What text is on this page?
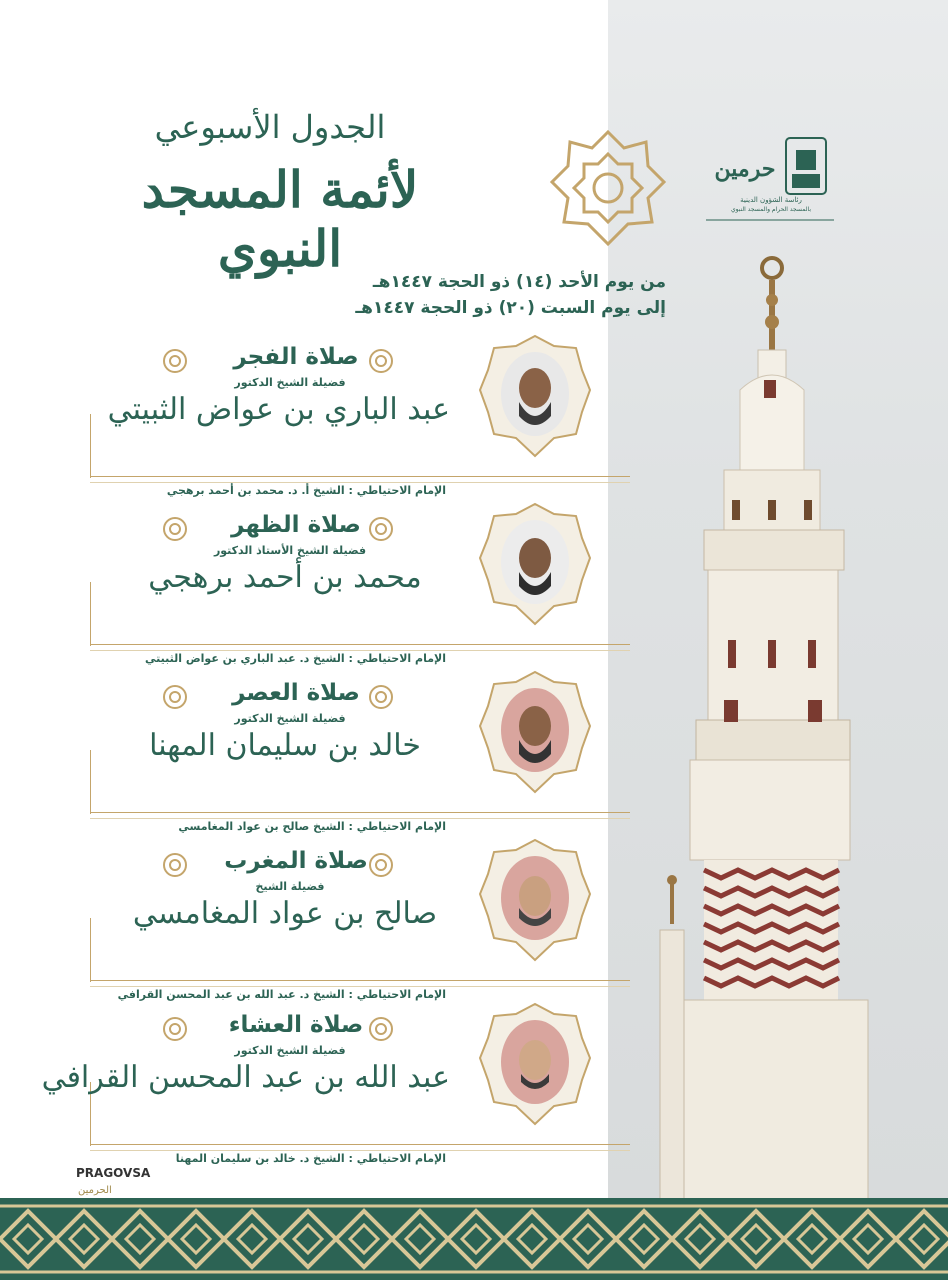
الجدول الأسبوعي
لأئمة المسجد النبوي
من يوم الأحد (١٤) ذو الحجة ١٤٤٧هـ
إلى يوم السبت (٢٠) ذو الحجة ١٤٤٧هـ
حرمين
رئاسة الشؤون الدينية
بالمسجد الحرام والمسجد النبوي
صلاة الفجر
فضيلة الشيخ الدكتور
عبد الباري بن عواض الثبيتي
الإمام الاحتياطي : الشيخ أ. د. محمد بن أحمد برهجي
صلاة الظهر
فضيلة الشيخ الأستاذ الدكتور
محمد بن أحمد برهجي
الإمام الاحتياطي : الشيخ د. عبد الباري بن عواض الثبيتي
صلاة العصر
فضيلة الشيخ الدكتور
خالد بن سليمان المهنا
الإمام الاحتياطي : الشيخ صالح بن عواد المغامسي
صلاة المغرب
فضيلة الشيخ
صالح بن عواد المغامسي
الإمام الاحتياطي : الشيخ د. عبد الله بن عبد المحسن القرافي
صلاة العشاء
فضيلة الشيخ الدكتور
عبد الله بن عبد المحسن القرافي
الإمام الاحتياطي : الشيخ د. خالد بن سليمان المهنا
PRAGOVSA
الحرمين
